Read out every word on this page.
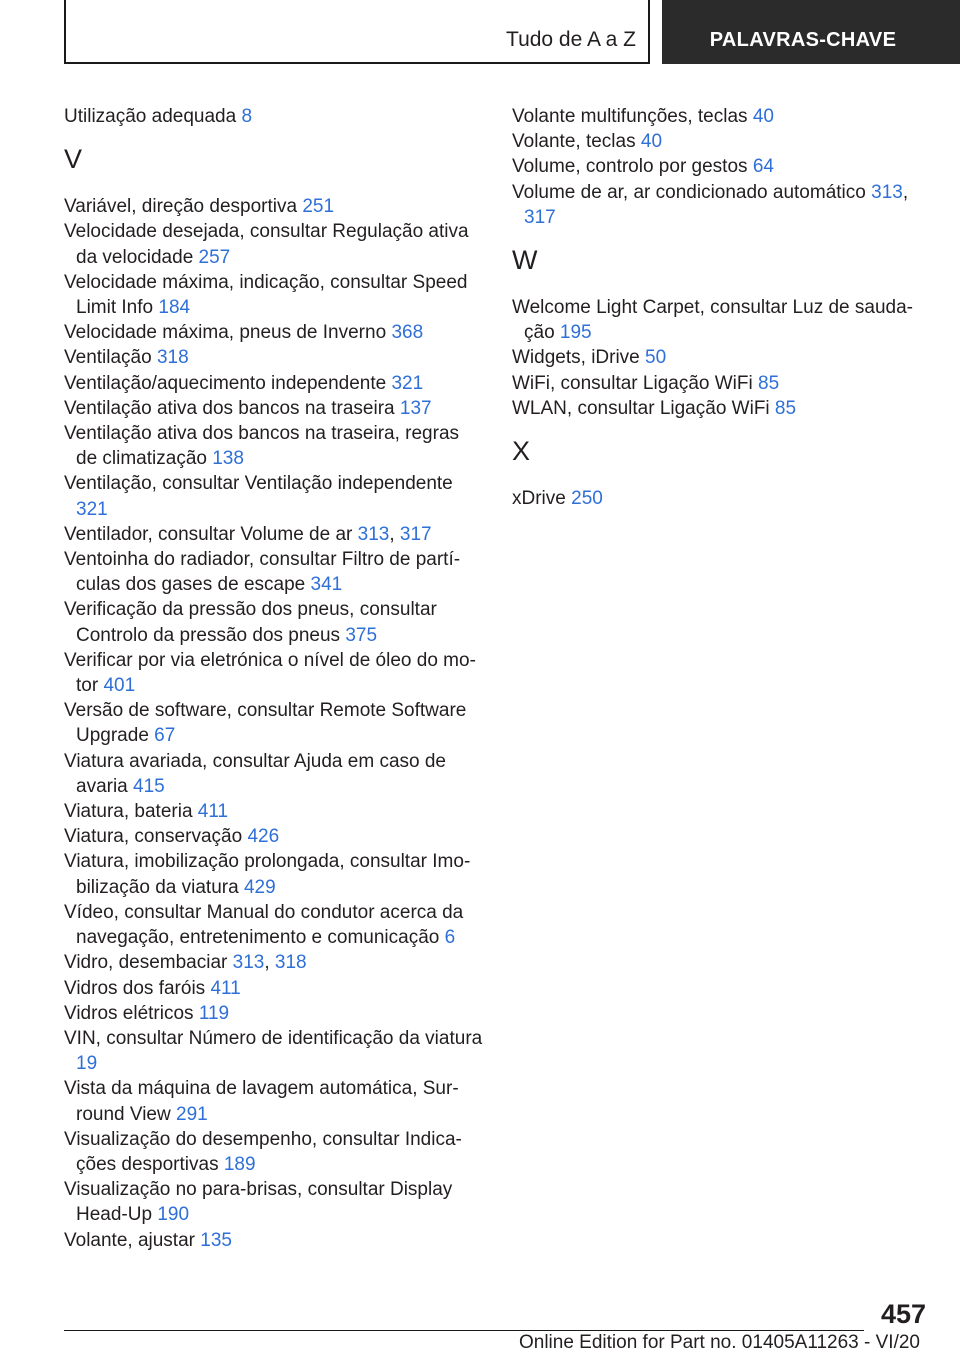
Tudo de A a Z	PALAVRAS-CHAVE
Utilização adequada 8
V
Variável, direção desportiva 251
Velocidade desejada, consultar Regulação ativa da velocidade 257
Velocidade máxima, indicação, consultar Speed Limit Info 184
Velocidade máxima, pneus de Inverno 368
Ventilação 318
Ventilação/aquecimento independente 321
Ventilação ativa dos bancos na traseira 137
Ventilação ativa dos bancos na traseira, regras de climatização 138
Ventilação, consultar Ventilação independente 321
Ventilador, consultar Volume de ar 313, 317
Ventoinha do radiador, consultar Filtro de partículas dos gases de escape 341
Verificação da pressão dos pneus, consultar Controlo da pressão dos pneus 375
Verificar por via eletrónica o nível de óleo do motor 401
Versão de software, consultar Remote Software Upgrade 67
Viatura avariada, consultar Ajuda em caso de avaria 415
Viatura, bateria 411
Viatura, conservação 426
Viatura, imobilização prolongada, consultar Imobilização da viatura 429
Vídeo, consultar Manual do condutor acerca da navegação, entretenimento e comunicação 6
Vidro, desembaciar 313, 318
Vidros dos faróis 411
Vidros elétricos 119
VIN, consultar Número de identificação da viatura 19
Vista da máquina de lavagem automática, Surround View 291
Visualização do desempenho, consultar Indicações desportivas 189
Visualização no para-brisas, consultar Display Head-Up 190
Volante, ajustar 135
Volante multifunções, teclas 40
Volante, teclas 40
Volume, controlo por gestos 64
Volume de ar, ar condicionado automático 313, 317
W
Welcome Light Carpet, consultar Luz de saudação 195
Widgets, iDrive 50
WiFi, consultar Ligação WiFi 85
WLAN, consultar Ligação WiFi 85
X
xDrive 250
457
Online Edition for Part no. 01405A11263 - VI/20
